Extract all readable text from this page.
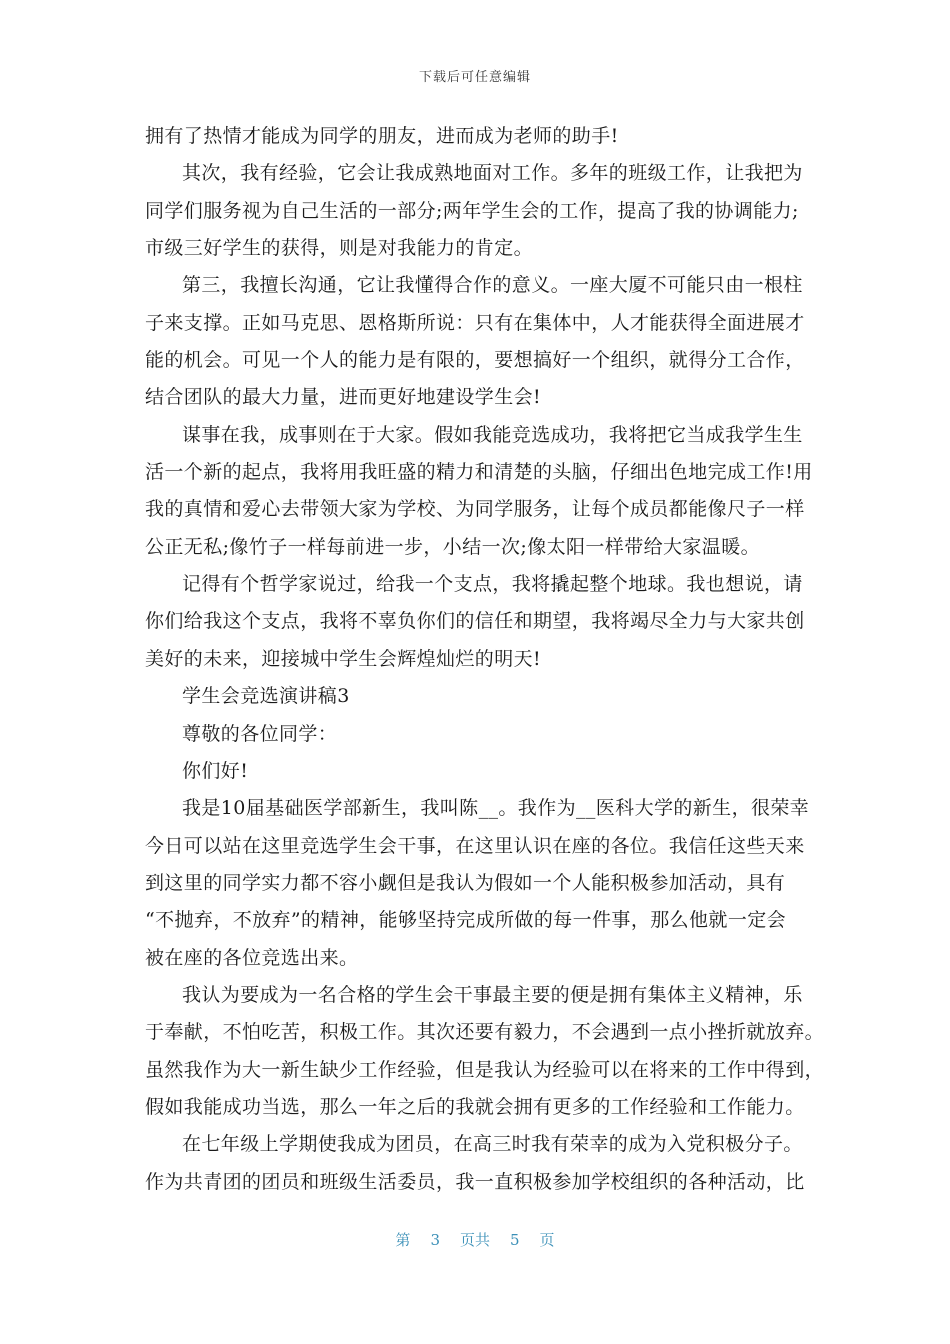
下载后可任意编辑
拥有了热情才能成为同学的朋友，进而成为老师的助手!
其次，我有经验，它会让我成熟地面对工作。多年的班级工作，让我把为
同学们服务视为自己生活的一部分;两年学生会的工作，提高了我的协调能力;
市级三好学生的获得，则是对我能力的肯定。
第三，我擅长沟通，它让我懂得合作的意义。一座大厦不可能只由一根柱
子来支撑。正如马克思、恩格斯所说：只有在集体中，人才能获得全面进展才
能的机会。可见一个人的能力是有限的，要想搞好一个组织，就得分工合作，
结合团队的最大力量，进而更好地建设学生会!
谋事在我，成事则在于大家。假如我能竞选成功，我将把它当成我学生生
活一个新的起点，我将用我旺盛的精力和清楚的头脑，仔细出色地完成工作!用
我的真情和爱心去带领大家为学校、为同学服务，让每个成员都能像尺子一样
公正无私;像竹子一样每前进一步，小结一次;像太阳一样带给大家温暖。
记得有个哲学家说过，给我一个支点，我将撬起整个地球。我也想说，请
你们给我这个支点，我将不辜负你们的信任和期望，我将竭尽全力与大家共创
美好的未来，迎接城中学生会辉煌灿烂的明天!
学生会竞选演讲稿3
尊敬的各位同学：
你们好!
我是10届基础医学部新生，我叫陈__。我作为__医科大学的新生，很荣幸
今日可以站在这里竞选学生会干事，在这里认识在座的各位。我信任这些天来
到这里的同学实力都不容小觑但是我认为假如一个人能积极参加活动，具有
“不抛弃，不放弃”的精神，能够坚持完成所做的每一件事，那么他就一定会
被在座的各位竞选出来。
我认为要成为一名合格的学生会干事最主要的便是拥有集体主义精神，乐
于奉献，不怕吃苦，积极工作。其次还要有毅力，不会遇到一点小挫折就放弃。
虽然我作为大一新生缺少工作经验，但是我认为经验可以在将来的工作中得到，
假如我能成功当选，那么一年之后的我就会拥有更多的工作经验和工作能力。
在七年级上学期使我成为团员，在高三时我有荣幸的成为入党积极分子。
作为共青团的团员和班级生活委员，我一直积极参加学校组织的各种活动，比
第 3 页共 5 页
